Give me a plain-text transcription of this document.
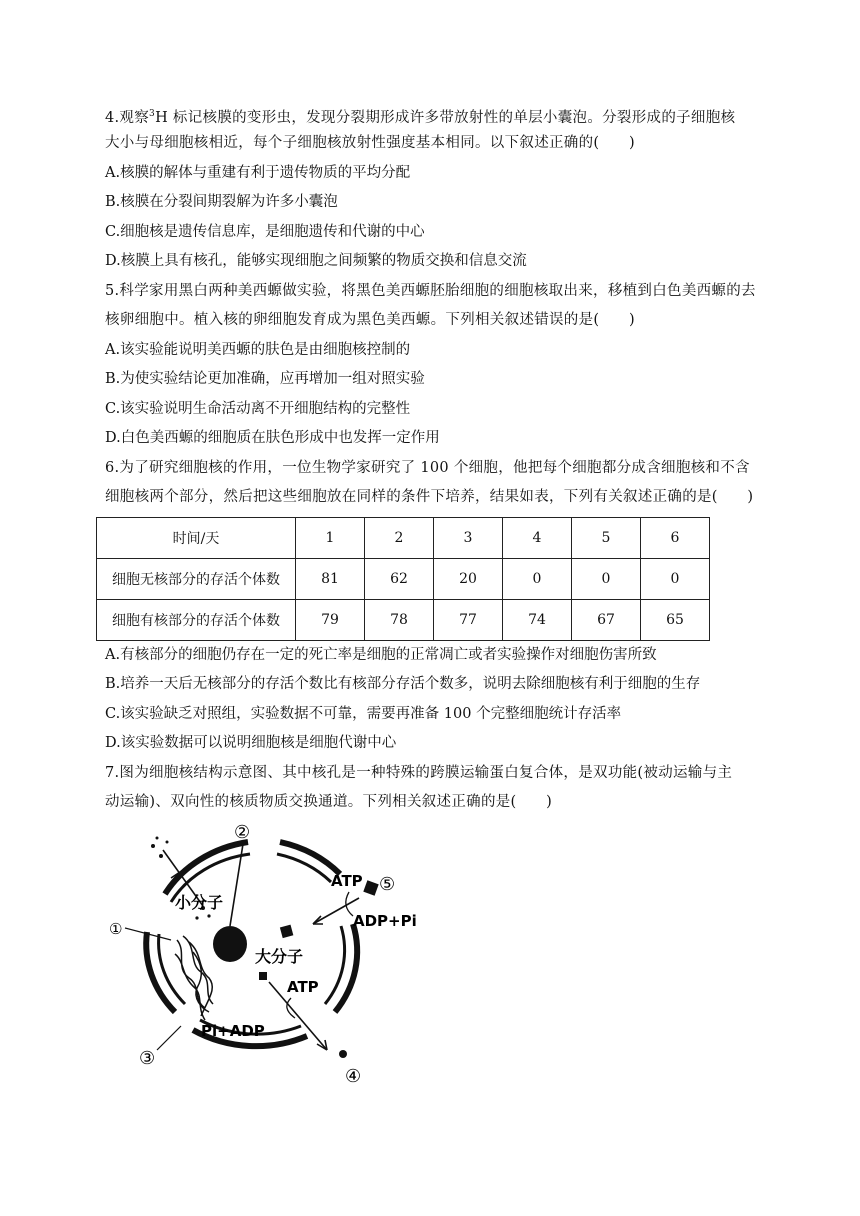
4.观察$^3$H 标记核膜的变形虫，发现分裂期形成许多带放射性的单层小囊泡。分裂形成的子细胞核
大小与母细胞核相近，每个子细胞核放射性强度基本相同。以下叙述正确的(　　)
A.核膜的解体与重建有利于遗传物质的平均分配
B.核膜在分裂间期裂解为许多小囊泡
C.细胞核是遗传信息库，是细胞遗传和代谢的中心
D.核膜上具有核孔，能够实现细胞之间频繁的物质交换和信息交流
5.科学家用黑白两种美西螈做实验，将黑色美西螈胚胎细胞的细胞核取出来，移植到白色美西螈的去
核卵细胞中。植入核的卵细胞发育成为黑色美西螈。下列相关叙述错误的是(　　)
A.该实验能说明美西螈的肤色是由细胞核控制的
B.为使实验结论更加准确，应再增加一组对照实验
C.该实验说明生命活动离不开细胞结构的完整性
D.白色美西螈的细胞质在肤色形成中也发挥一定作用
6.为了研究细胞核的作用，一位生物学家研究了 100 个细胞，他把每个细胞都分成含细胞核和不含
细胞核两个部分，然后把这些细胞放在同样的条件下培养，结果如表，下列有关叙述正确的是(　　)
时间/天	1	2	3	4	5	6
细胞无核部分的存活个体数	81	62	20	0	0	0
细胞有核部分的存活个体数	79	78	77	74	67	65
A.有核部分的细胞仍存在一定的死亡率是细胞的正常凋亡或者实验操作对细胞伤害所致
B.培养一天后无核部分的存活个数比有核部分存活个数多，说明去除细胞核有利于细胞的生存
C.该实验缺乏对照组，实验数据不可靠，需要再准备 100 个完整细胞统计存活率
D.该实验数据可以说明细胞核是细胞代谢中心
7.图为细胞核结构示意图、其中核孔是一种特殊的跨膜运输蛋白复合体，是双功能(被动运输与主
动运输)、双向性的核质物质交换通道。下列相关叙述正确的是(　　)
①
②
③
④
⑤
小分子
大分子
ATP
ADP+Pi
ATP
Pi+ADP
